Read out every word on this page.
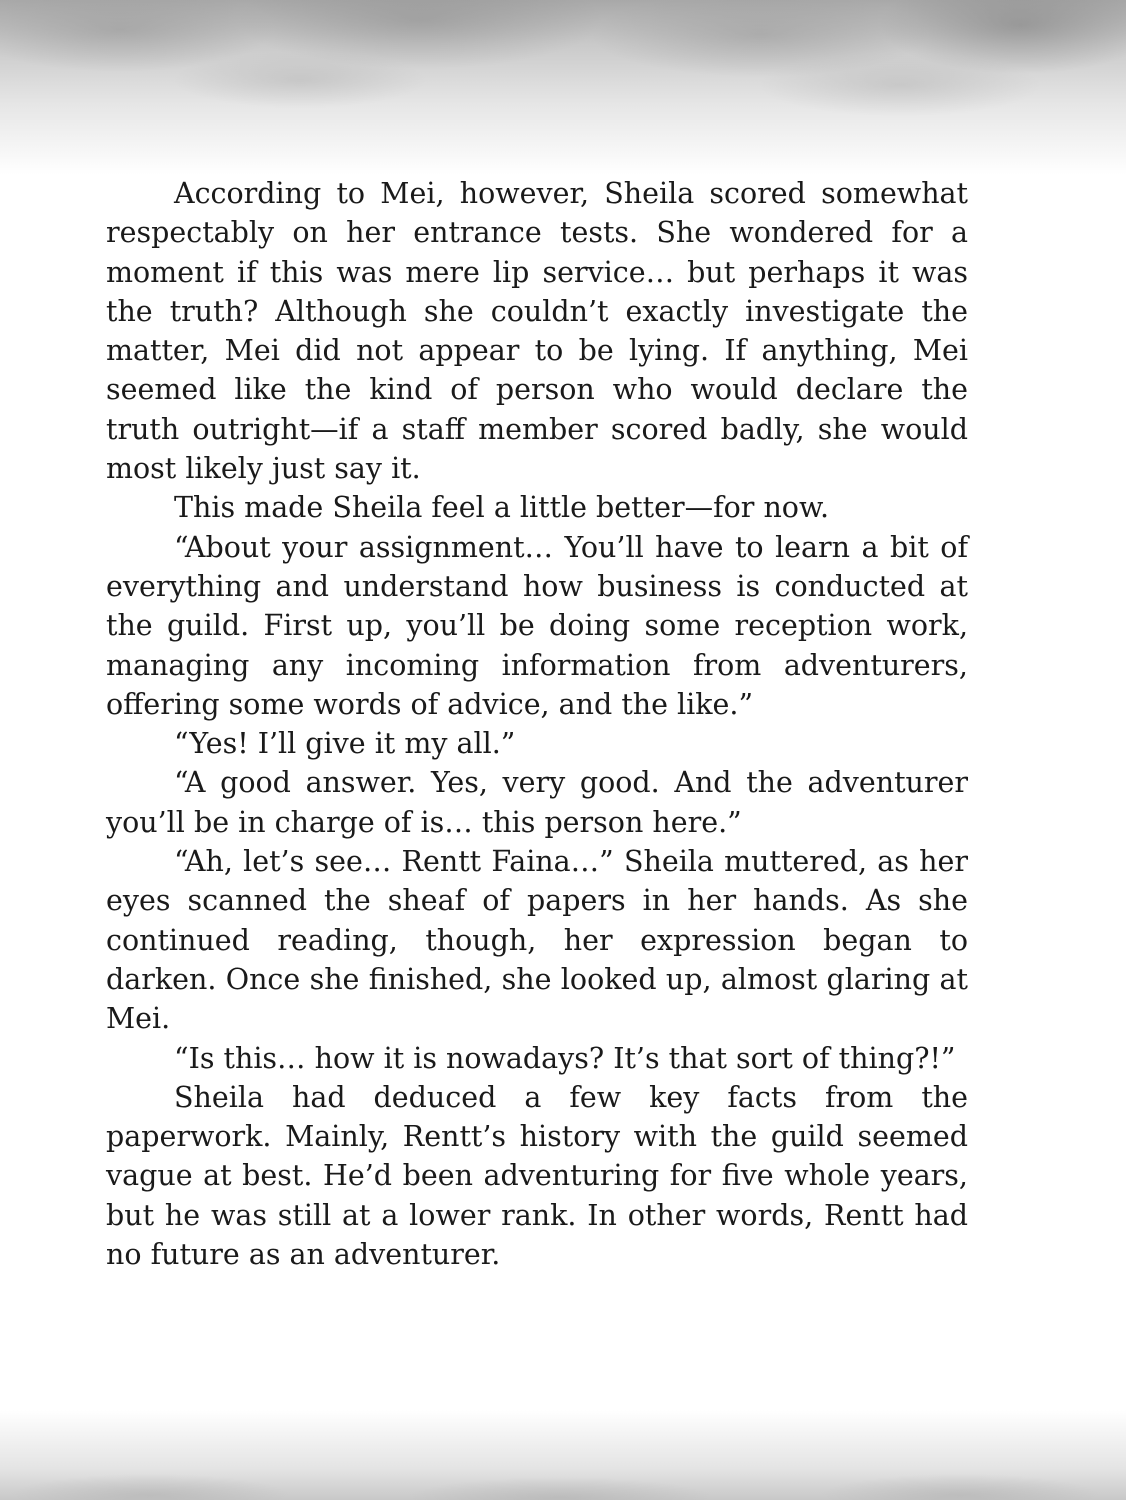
According to Mei, however, Sheila scored somewhat respectably on her entrance tests. She wondered for a moment if this was mere lip service… but perhaps it was the truth? Although she couldn’t exactly investigate the matter, Mei did not appear to be lying. If anything, Mei seemed like the kind of person who would declare the truth outright—if a staff member scored badly, she would most likely just say it.

This made Sheila feel a little better—for now.

“About your assignment… You’ll have to learn a bit of everything and understand how business is conducted at the guild. First up, you’ll be doing some reception work, managing any incoming information from adventurers, offering some words of advice, and the like.”

“Yes! I’ll give it my all.”

“A good answer. Yes, very good. And the adventurer you’ll be in charge of is… this person here.”

“Ah, let’s see… Rentt Faina…” Sheila muttered, as her eyes scanned the sheaf of papers in her hands. As she continued reading, though, her expression began to darken. Once she finished, she looked up, almost glaring at Mei.

“Is this… how it is nowadays? It’s that sort of thing?!”

Sheila had deduced a few key facts from the paperwork. Mainly, Rentt’s history with the guild seemed vague at best. He’d been adventuring for five whole years, but he was still at a lower rank. In other words, Rentt had no future as an adventurer.
